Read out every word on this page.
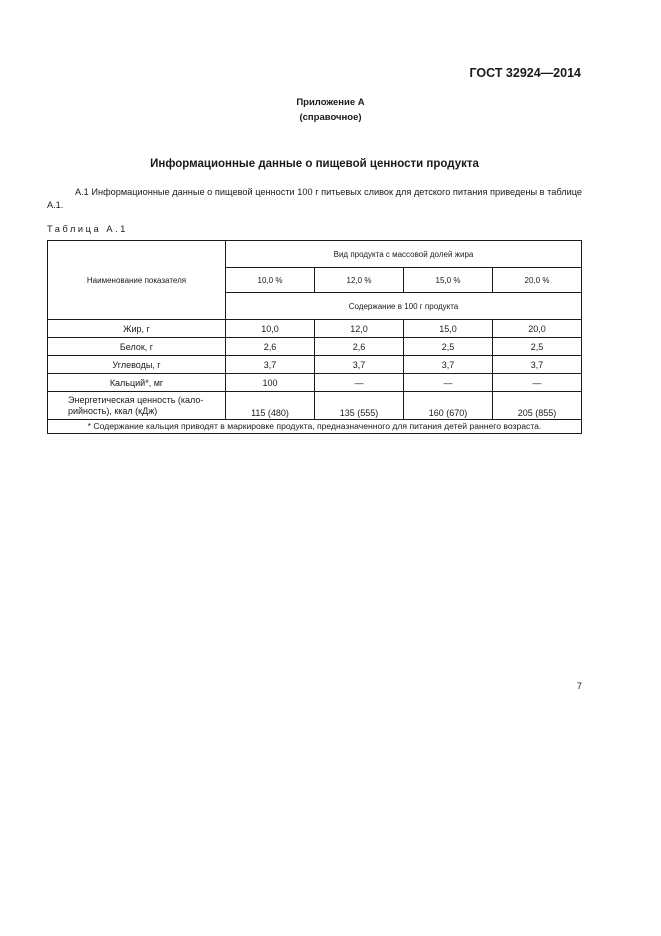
ГОСТ 32924—2014

Приложение А
(справочное)
Информационные данные о пищевой ценности продукта

А.1 Информационные данные о пищевой ценности 100 г питьевых сливок для детского питания приведены в таблице А.1.

Таблица А.1

Наименование показателя	Вид продукта с массовой долей жира			
	10,0 %	12,0 %	15,0 %	20,0 %
	Содержание в 100 г продукта			
Жир, г	10,0	12,0	15,0	20,0
Белок, г	2,6	2,6	2,5	2,5
Углеводы, г	3,7	3,7	3,7	3,7
Кальций*, мг	100	—	—	—

Энергетическая ценность (кало-
рийность), ккал (кДж)	115 (480)	135 (555)	160 (670)	205 (855)
* Содержание кальция приводят в маркировке продукта, предназначенного для питания детей раннего возраста.				

7
